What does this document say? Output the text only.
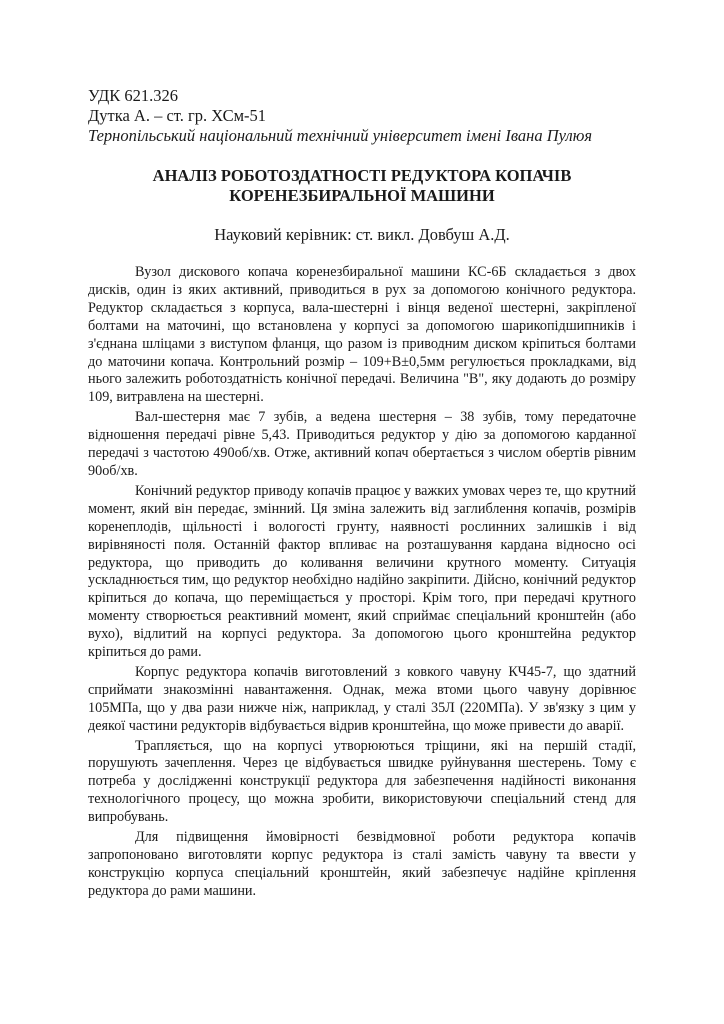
УДК 621.326

Дутка А. – ст. гр. ХСм-51

Тернопільський національний технічний університет імені Івана Пулюя

АНАЛІЗ РОБОТОЗДАТНОСТІ РЕДУКТОРА КОПАЧІВ
КОРЕНЕЗБИРАЛЬНОЇ МАШИНИ

Науковий керівник: ст. викл. Довбуш А.Д.

Вузол дискового копача коренезбиральної машини КС-6Б складається з двох дисків, один із яких активний, приводиться в рух за допомогою конічного редуктора. Редуктор складається з корпуса, вала-шестерні і вінця веденої шестерні, закріпленої болтами на маточині, що встановлена у корпусі за допомогою шарикопідшипників і з'єднана шліцами з виступом фланця, що разом із приводним диском кріпиться болтами до маточини копача. Контрольний розмір – 109+В±0,5мм регулюється прокладками, від нього залежить роботоздатність конічної передачі. Величина "В", яку додають до розміру 109, витравлена на шестерні.

Вал-шестерня має 7 зубів, а ведена шестерня – 38 зубів, тому передаточне відношення передачі рівне 5,43. Приводиться редуктор у дію за допомогою карданної передачі з частотою 490об/хв. Отже, активний копач обертається з числом обертів рівним 90об/хв.

Конічний редуктор приводу копачів працює у важких умовах через те, що крутний момент, який він передає, змінний. Ця зміна залежить від заглиблення копачів, розмірів коренеплодів, щільності і вологості грунту, наявності рослинних залишків і від вирівняності поля. Останній фактор впливає на розташування кардана відносно осі редуктора, що приводить до коливання величини крутного моменту. Ситуація ускладнюється тим, що редуктор необхідно надійно закріпити. Дійсно, конічний редуктор кріпиться до копача, що переміщається у просторі. Крім того, при передачі крутного моменту створюється реактивний момент, який сприймає спеціальний кронштейн (або вухо), відлитий на корпусі редуктора. За допомогою цього кронштейна редуктор кріпиться до рами.

Корпус редуктора копачів виготовлений з ковкого чавуну КЧ45-7, що здатний сприймати знакозмінні навантаження. Однак, межа втоми цього чавуну дорівнює 105МПа, що у два рази нижче ніж, наприклад, у сталі 35Л (220МПа). У зв'язку з цим у деякої частини редукторів відбувається відрив кронштейна, що може привести до аварії.

Трапляється, що на корпусі утворюються тріщини, які на першій стадії, порушують зачеплення. Через це відбувається швидке руйнування шестерень. Тому є потреба у дослідженні конструкції редуктора для забезпечення надійності виконання технологічного процесу, що можна зробити, використовуючи спеціальний стенд для випробувань.

Для підвищення ймовірності безвідмовної роботи редуктора копачів запропоновано виготовляти корпус редуктора із сталі замість чавуну та ввести у конструкцію корпуса спеціальний кронштейн, який забезпечує надійне кріплення редуктора до рами машини.
